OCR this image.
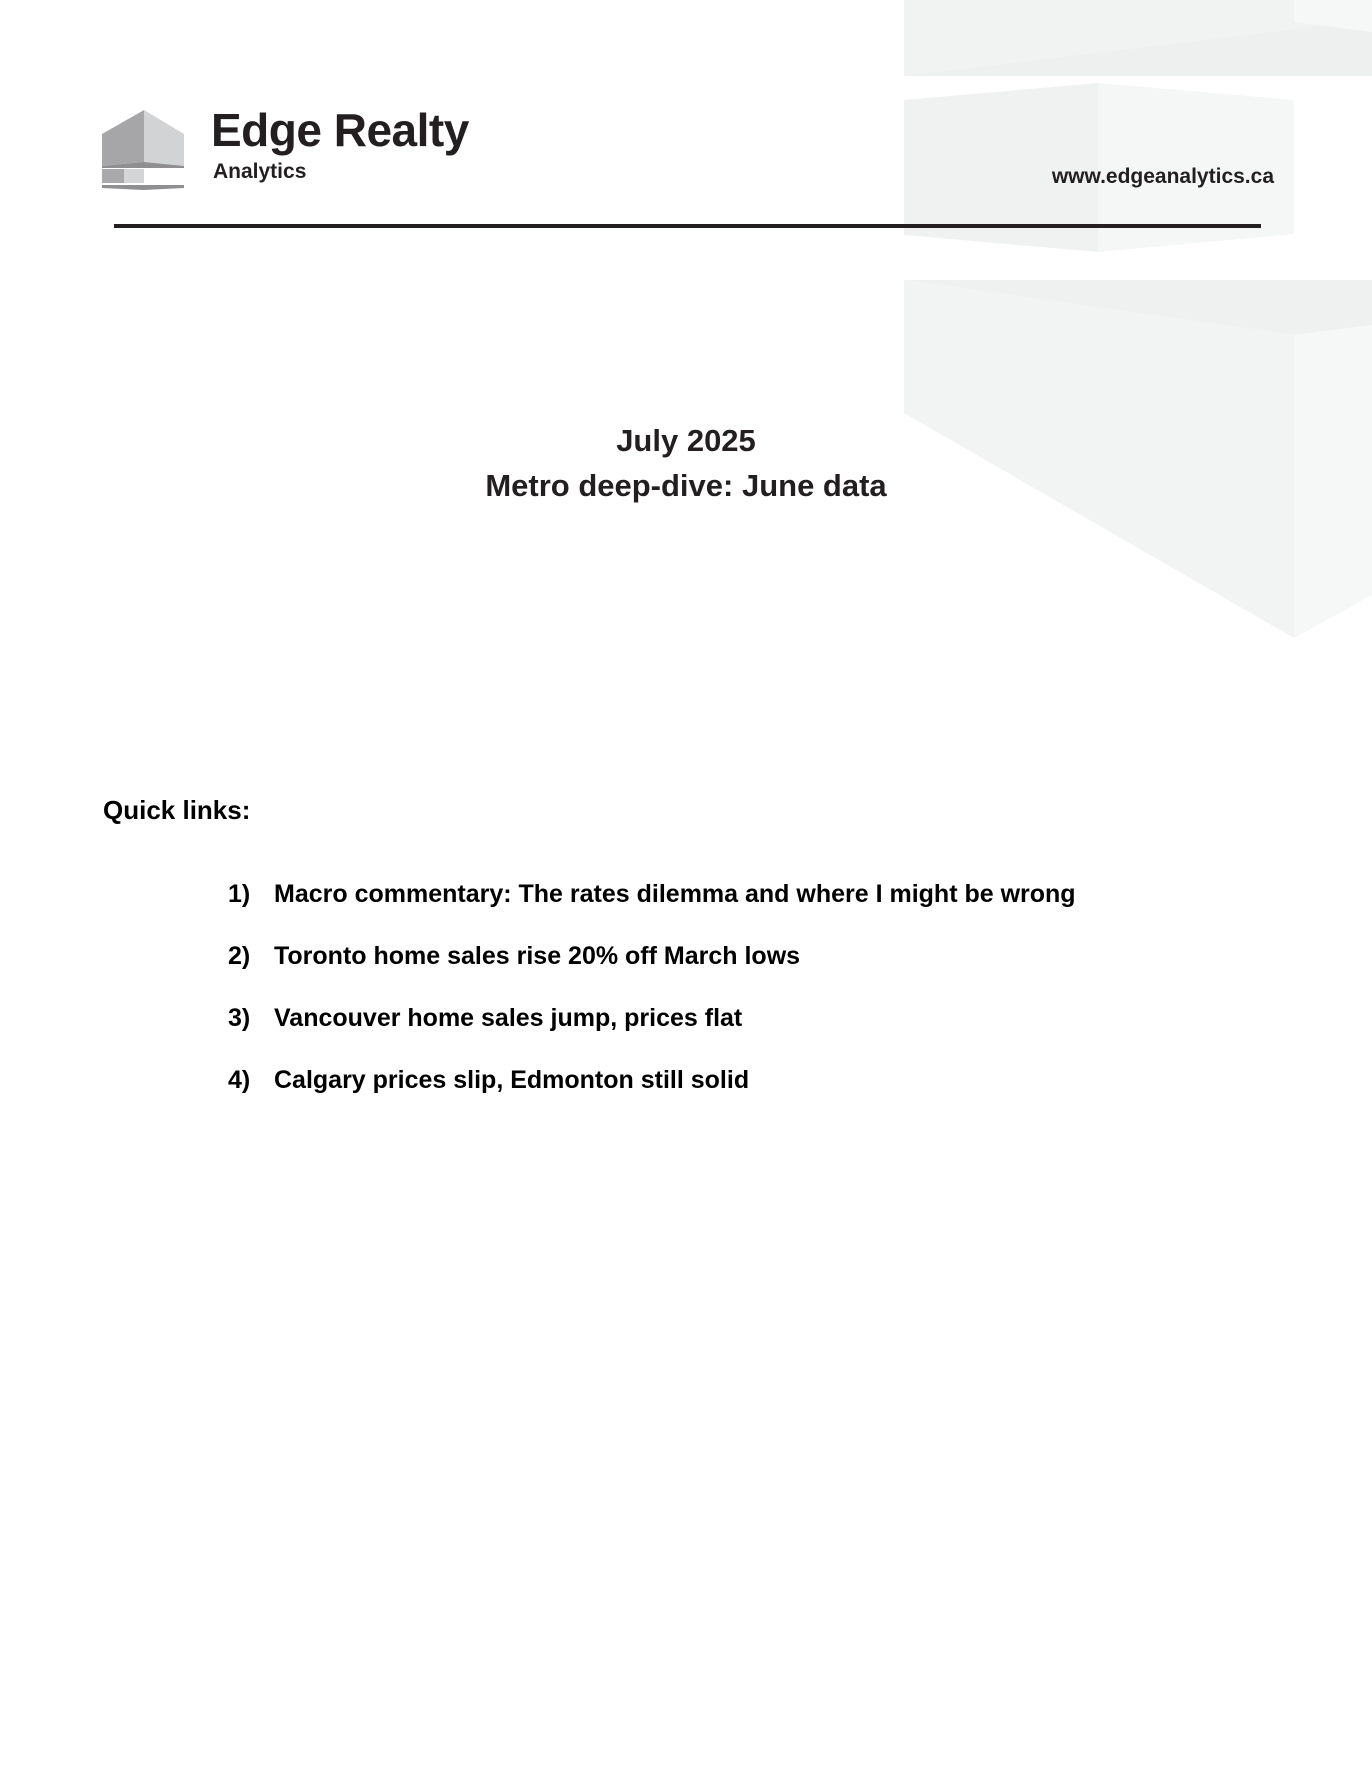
Edge Realty
Analytics	www.edgeanalytics.ca
July 2025
Metro deep-dive: June data
Quick links:
1) Macro commentary: The rates dilemma and where I might be wrong
2) Toronto home sales rise 20% off March lows
3) Vancouver home sales jump, prices flat
4) Calgary prices slip, Edmonton still solid
